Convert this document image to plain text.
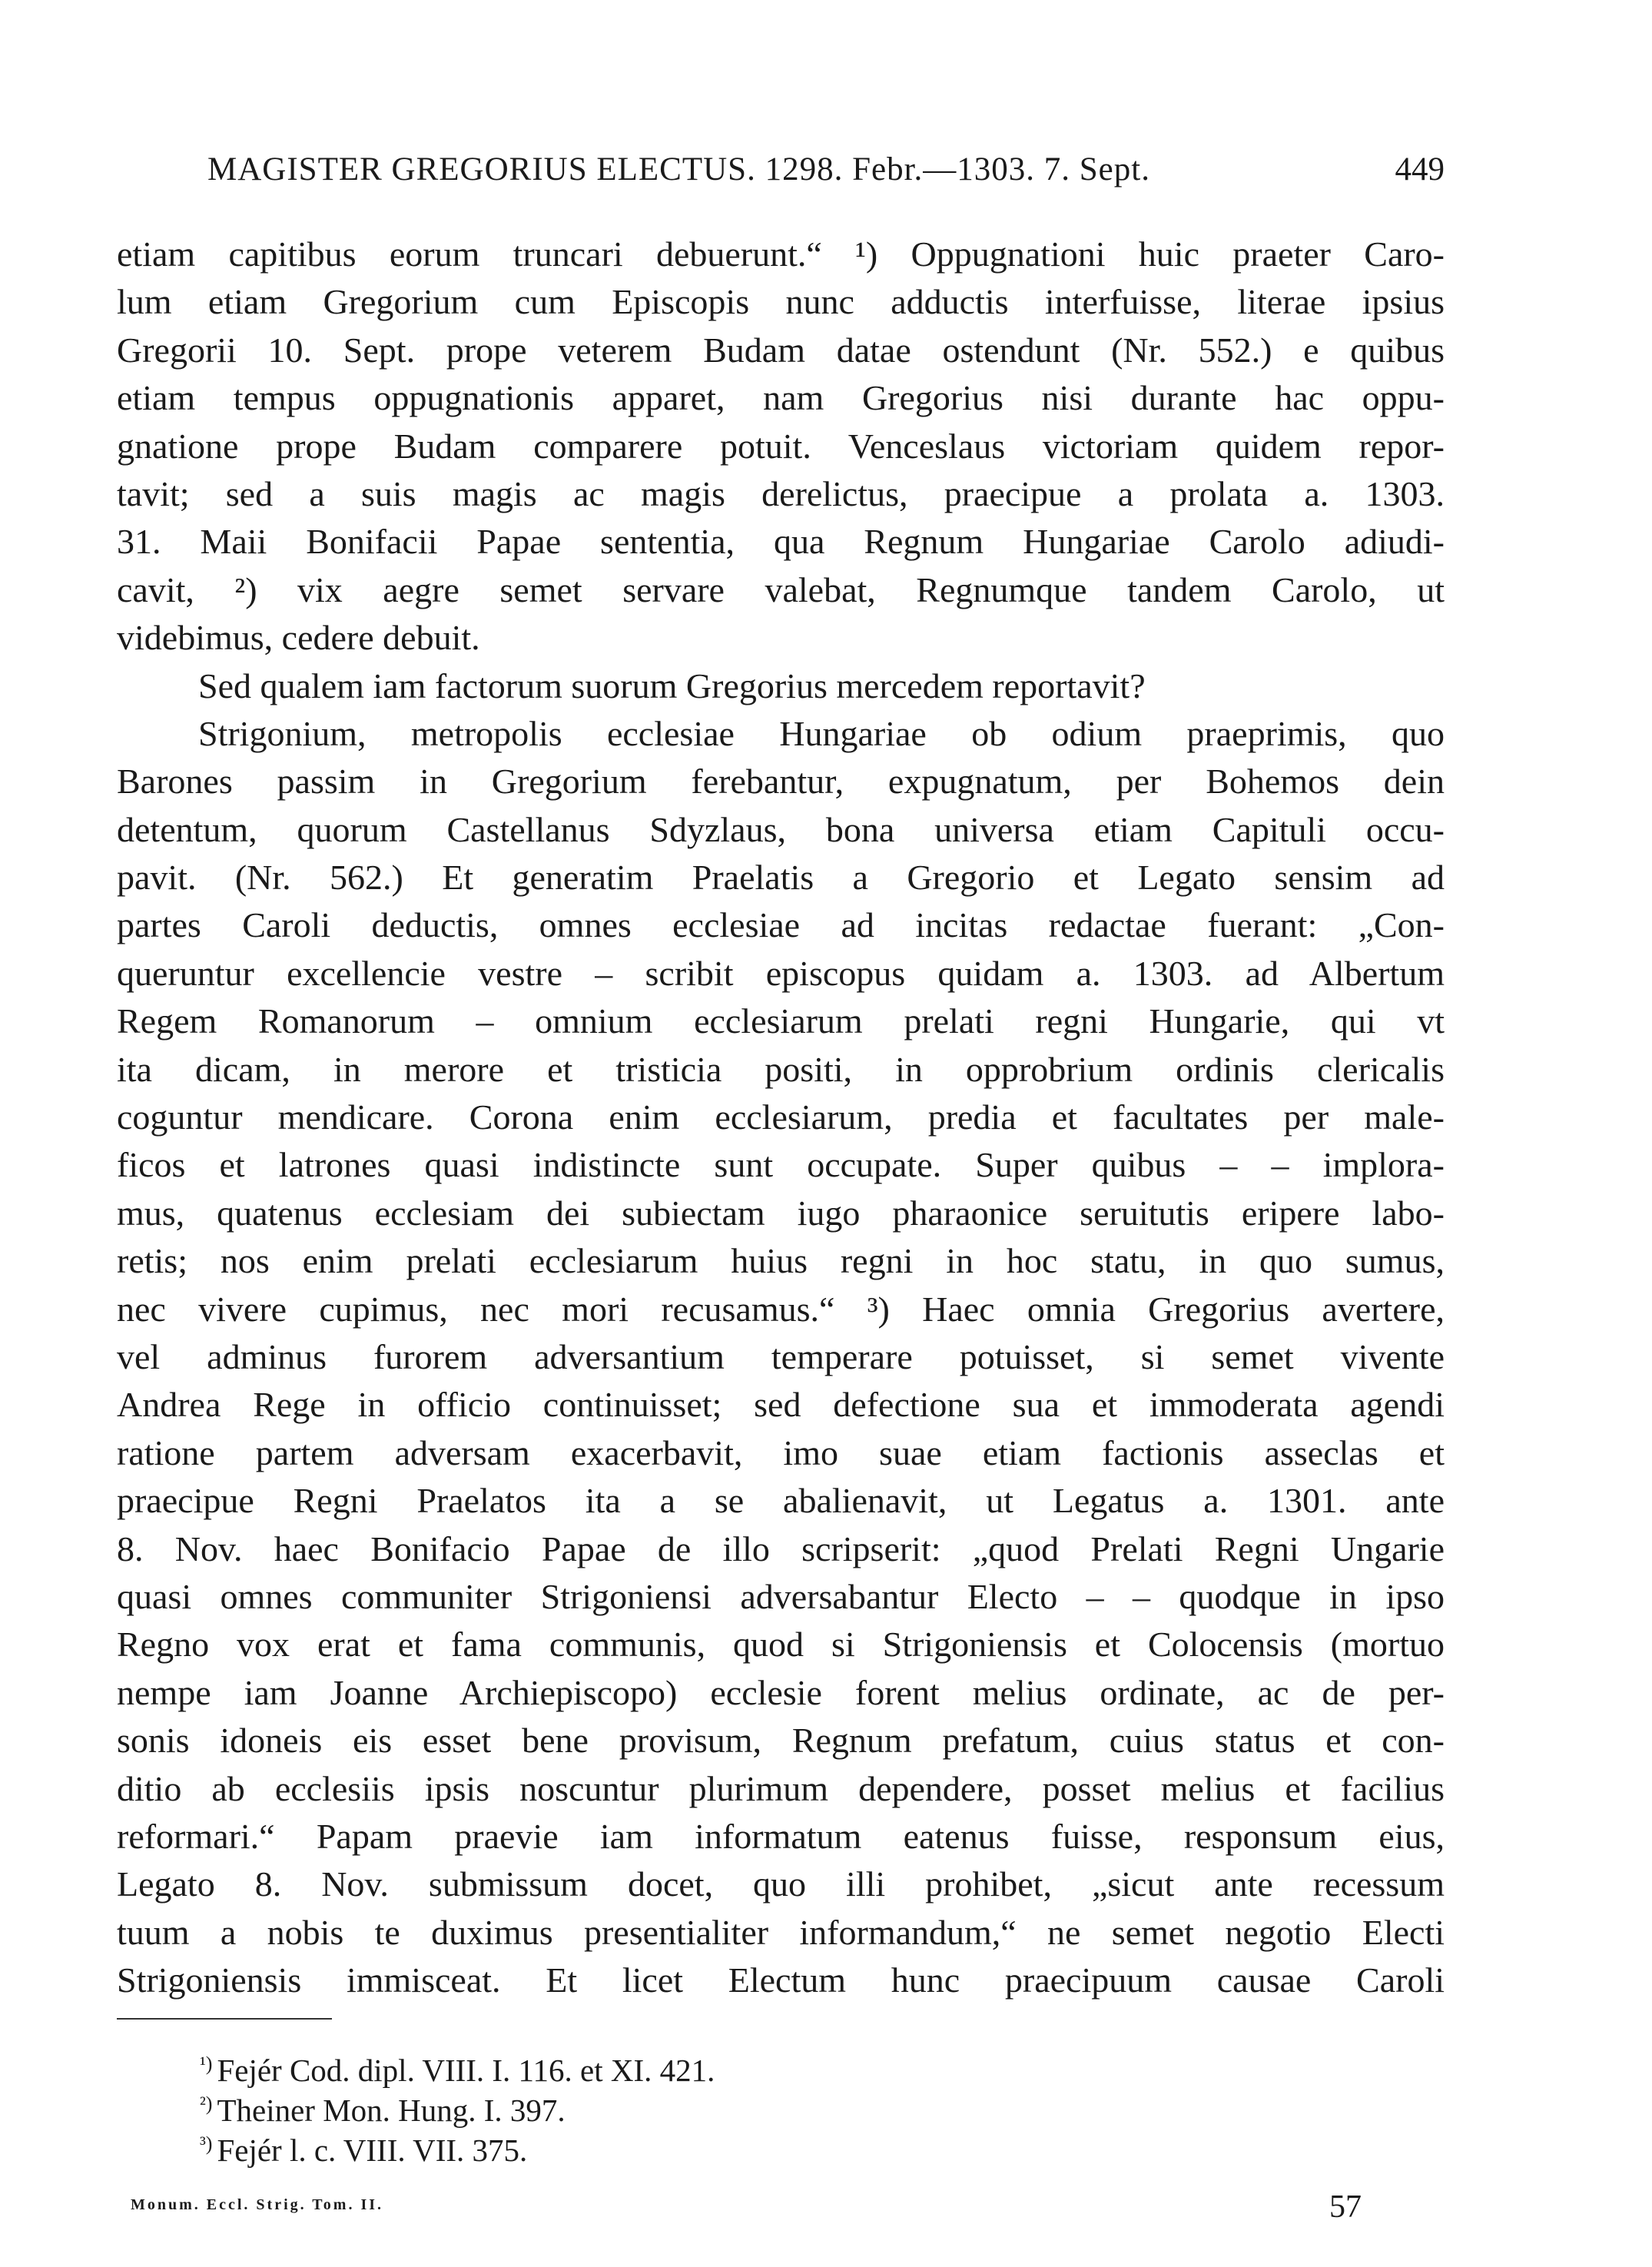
MAGISTER GREGORIUS ELECTUS. 1298. Febr.—1303. 7. Sept.	449
etiam capitibus eorum truncari debuerunt.“ ¹) Oppugnationi huic praeter Caro-
lum etiam Gregorium cum Episcopis nunc adductis interfuisse, literae ipsius
Gregorii 10. Sept. prope veterem Budam datae ostendunt (Nr. 552.) e quibus
etiam tempus oppugnationis apparet, nam Gregorius nisi durante hac oppu-
gnatione prope Budam comparere potuit. Venceslaus victoriam quidem repor-
tavit; sed a suis magis ac magis derelictus, praecipue a prolata a. 1303.
31. Maii Bonifacii Papae sententia, qua Regnum Hungariae Carolo adiudi-
cavit, ²) vix aegre semet servare valebat, Regnumque tandem Carolo, ut
videbimus, cedere debuit.
Sed qualem iam factorum suorum Gregorius mercedem reportavit?
Strigonium, metropolis ecclesiae Hungariae ob odium praeprimis, quo
Barones passim in Gregorium ferebantur, expugnatum, per Bohemos dein
detentum, quorum Castellanus Sdyzlaus, bona universa etiam Capituli occu-
pavit. (Nr. 562.) Et generatim Praelatis a Gregorio et Legato sensim ad
partes Caroli deductis, omnes ecclesiae ad incitas redactae fuerant: „Con-
queruntur excellencie vestre – scribit episcopus quidam a. 1303. ad Albertum
Regem Romanorum – omnium ecclesiarum prelati regni Hungarie, qui vt
ita dicam, in merore et tristicia positi, in opprobrium ordinis clericalis
coguntur mendicare. Corona enim ecclesiarum, predia et facultates per male-
ficos et latrones quasi indistincte sunt occupate. Super quibus – – implora-
mus, quatenus ecclesiam dei subiectam iugo pharaonice seruitutis eripere labo-
retis; nos enim prelati ecclesiarum huius regni in hoc statu, in quo sumus,
nec vivere cupimus, nec mori recusamus.“ ³) Haec omnia Gregorius avertere,
vel adminus furorem adversantium temperare potuisset, si semet vivente
Andrea Rege in officio continuisset; sed defectione sua et immoderata agendi
ratione partem adversam exacerbavit, imo suae etiam factionis asseclas et
praecipue Regni Praelatos ita a se abalienavit, ut Legatus a. 1301. ante
8. Nov. haec Bonifacio Papae de illo scripserit: „quod Prelati Regni Ungarie
quasi omnes communiter Strigoniensi adversabantur Electo – – quodque in ipso
Regno vox erat et fama communis, quod si Strigoniensis et Colocensis (mortuo
nempe iam Joanne Archiepiscopo) ecclesie forent melius ordinate, ac de per-
sonis idoneis eis esset bene provisum, Regnum prefatum, cuius status et con-
ditio ab ecclesiis ipsis noscuntur plurimum dependere, posset melius et facilius
reformari.“ Papam praevie iam informatum eatenus fuisse, responsum eius,
Legato 8. Nov. submissum docet, quo illi prohibet, „sicut ante recessum
tuum a nobis te duximus presentialiter informandum,“ ne semet negotio Electi
Strigoniensis immisceat. Et licet Electum hunc praecipuum causae Caroli
$^{^1)}$ Fejér Cod. dipl. VIII. I. 116. et XI. 421.
$^{^2)}$ Theiner Mon. Hung. I. 397.
$^{^3)}$ Fejér l. c. VIII. VII. 375.
Monum. Eccl. Strig. Tom. II.	57
